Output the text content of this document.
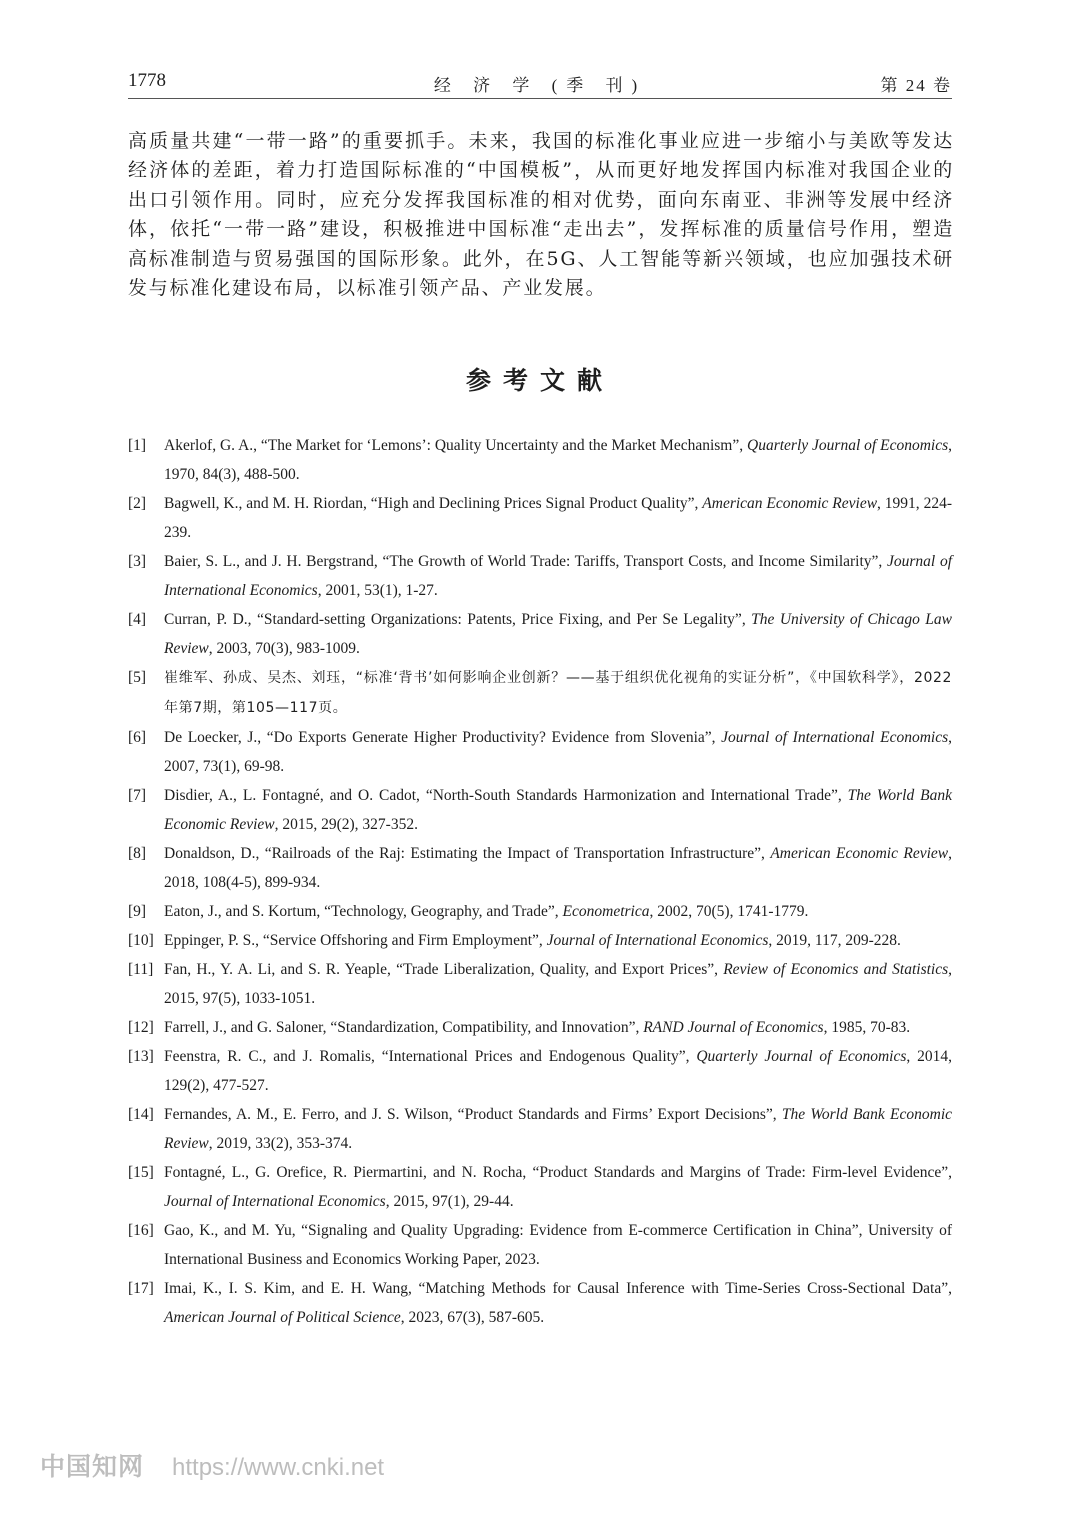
1778	经 济 学 (季 刊)	第 24 卷
高质量共建“一带一路”的重要抓手。未来，我国的标准化事业应进一步缩小与美欧等发达经济体的差距，着力打造国际标准的“中国模板”，从而更好地发挥国内标准对我国企业的出口引领作用。同时，应充分发挥我国标准的相对优势，面向东南亚、非洲等发展中经济体，依托“一带一路”建设，积极推进中国标准“走出去”，发挥标准的质量信号作用，塑造高标准制造与贸易强国的国际形象。此外，在5G、人工智能等新兴领域，也应加强技术研发与标准化建设布局，以标准引领产品、产业发展。
参考文献
[1] Akerlof, G. A., “The Market for ‘Lemons’: Quality Uncertainty and the Market Mechanism”, Quarterly Journal of Economics, 1970, 84(3), 488-500.
[2] Bagwell, K., and M. H. Riordan, “High and Declining Prices Signal Product Quality”, American Economic Review, 1991, 224-239.
[3] Baier, S. L., and J. H. Bergstrand, “The Growth of World Trade: Tariffs, Transport Costs, and Income Similarity”, Journal of International Economics, 2001, 53(1), 1-27.
[4] Curran, P. D., “Standard-setting Organizations: Patents, Price Fixing, and Per Se Legality”, The University of Chicago Law Review, 2003, 70(3), 983-1009.
[5] 崔维军、孙成、吴杰、刘珏，“标准‘背书’如何影响企业创新？——基于组织优化视角的实证分析”，《中国软科学》，2022年第7期，第105—117页。
[6] De Loecker, J., “Do Exports Generate Higher Productivity? Evidence from Slovenia”, Journal of International Economics, 2007, 73(1), 69-98.
[7] Disdier, A., L. Fontagné, and O. Cadot, “North-South Standards Harmonization and International Trade”, The World Bank Economic Review, 2015, 29(2), 327-352.
[8] Donaldson, D., “Railroads of the Raj: Estimating the Impact of Transportation Infrastructure”, American Economic Review, 2018, 108(4-5), 899-934.
[9] Eaton, J., and S. Kortum, “Technology, Geography, and Trade”, Econometrica, 2002, 70(5), 1741-1779.
[10] Eppinger, P. S., “Service Offshoring and Firm Employment”, Journal of International Economics, 2019, 117, 209-228.
[11] Fan, H., Y. A. Li, and S. R. Yeaple, “Trade Liberalization, Quality, and Export Prices”, Review of Economics and Statistics, 2015, 97(5), 1033-1051.
[12] Farrell, J., and G. Saloner, “Standardization, Compatibility, and Innovation”, RAND Journal of Economics, 1985, 70-83.
[13] Feenstra, R. C., and J. Romalis, “International Prices and Endogenous Quality”, Quarterly Journal of Economics, 2014, 129(2), 477-527.
[14] Fernandes, A. M., E. Ferro, and J. S. Wilson, “Product Standards and Firms’ Export Decisions”, The World Bank Economic Review, 2019, 33(2), 353-374.
[15] Fontagné, L., G. Orefice, R. Piermartini, and N. Rocha, “Product Standards and Margins of Trade: Firm-level Evidence”, Journal of International Economics, 2015, 97(1), 29-44.
[16] Gao, K., and M. Yu, “Signaling and Quality Upgrading: Evidence from E-commerce Certification in China”, University of International Business and Economics Working Paper, 2023.
[17] Imai, K., I. S. Kim, and E. H. Wang, “Matching Methods for Causal Inference with Time-Series Cross-Sectional Data”, American Journal of Political Science, 2023, 67(3), 587-605.
中国知网 https://www.cnki.net
